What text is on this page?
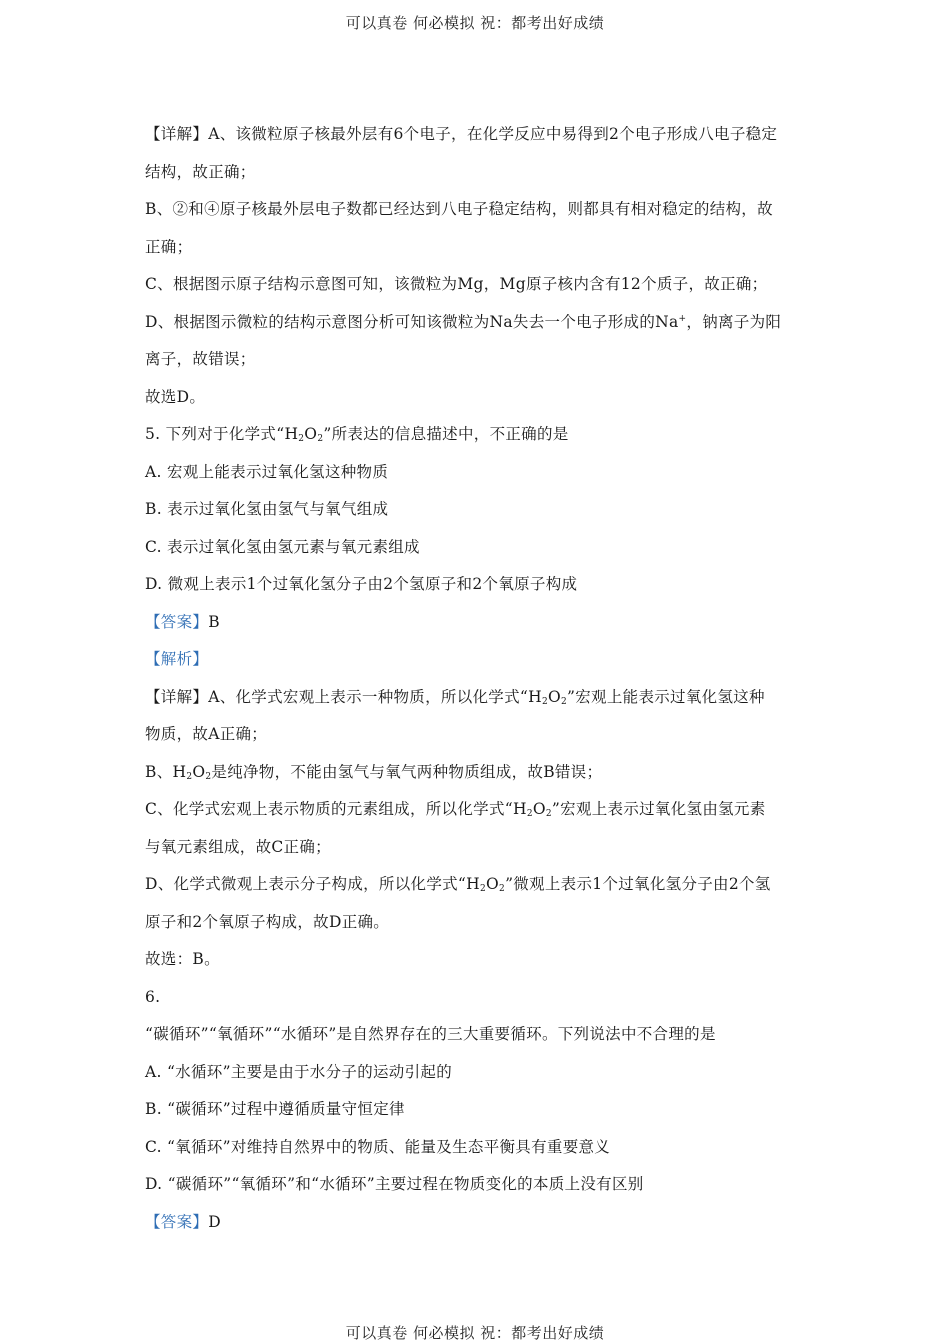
可以真卷 何必模拟 祝：都考出好成绩
【详解】A、该微粒原子核最外层有6个电子，在化学反应中易得到2个电子形成八电子稳定
结构，故正确；
B、②和④原子核最外层电子数都已经达到八电子稳定结构，则都具有相对稳定的结构，故
正确；
C、根据图示原子结构示意图可知，该微粒为Mg，Mg原子核内含有12个质子，故正确；
D、根据图示微粒的结构示意图分析可知该微粒为Na失去一个电子形成的Na+，钠离子为阳
离子，故错误；
故选D。
5. 下列对于化学式“$H_2O_2$”所表达的信息描述中，不正确的是
A. 宏观上能表示过氧化氢这种物质
B. 表示过氧化氢由氢气与氧气组成
C. 表示过氧化氢由氢元素与氧元素组成
D. 微观上表示1个过氧化氢分子由2个氢原子和2个氧原子构成
【答案】B
【解析】
【详解】A、化学式宏观上表示一种物质，所以化学式“$H_2O_2$”宏观上能表示过氧化氢这种
物质，故A正确；
B、$H_2O_2$是纯净物，不能由氢气与氧气两种物质组成，故B错误；
C、化学式宏观上表示物质的元素组成，所以化学式“$H_2O_2$”宏观上表示过氧化氢由氢元素
与氧元素组成，故C正确；
D、化学式微观上表示分子构成，所以化学式“$H_2O_2$”微观上表示1个过氧化氢分子由2个氢
原子和2个氧原子构成，故D正确。
故选：B。
6.
“碳循环”“氧循环”“水循环”是自然界存在的三大重要循环。下列说法中不合理的是
A. “水循环”主要是由于水分子的运动引起的
B. “碳循环”过程中遵循质量守恒定律
C. “氧循环”对维持自然界中的物质、能量及生态平衡具有重要意义
D. “碳循环”“氧循环”和“水循环”主要过程在物质变化的本质上没有区别
【答案】D
可以真卷 何必模拟 祝：都考出好成绩
